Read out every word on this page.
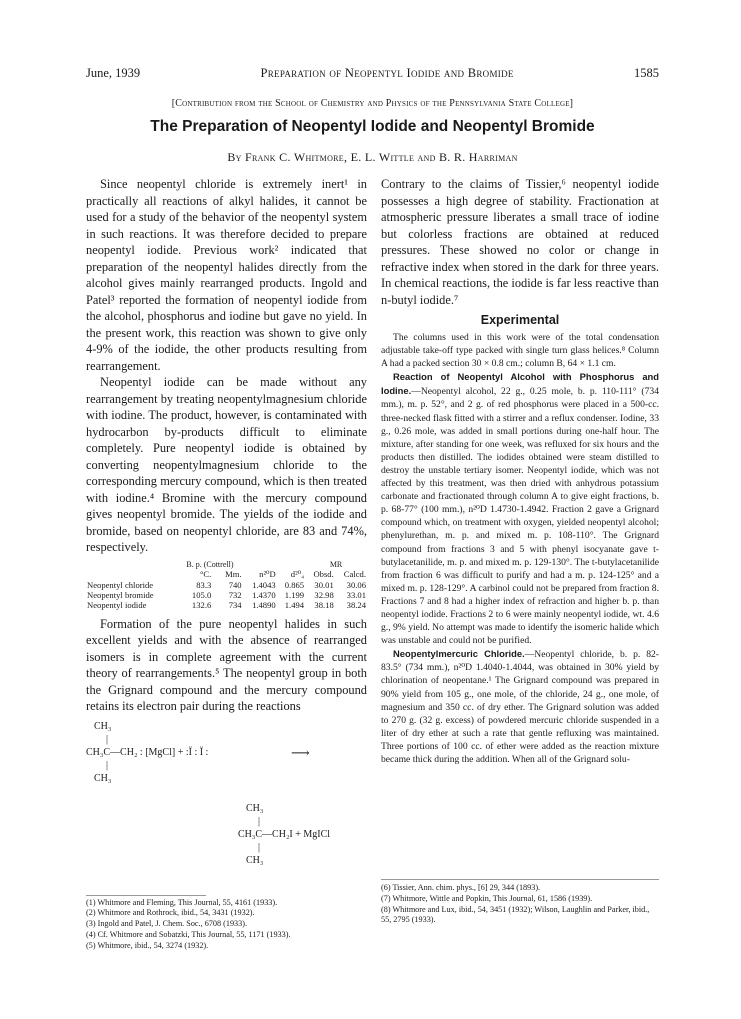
June, 1939	Preparation of Neopentyl Iodide and Bromide	1585
[Contribution from the School of Chemistry and Physics of the Pennsylvania State College]
The Preparation of Neopentyl Iodide and Neopentyl Bromide
By Frank C. Whitmore, E. L. Wittle and B. R. Harriman

Since neopentyl chloride is extremely inert¹ in practically all reactions of alkyl halides, it cannot be used for a study of the behavior of the neopentyl system in such reactions. It was therefore decided to prepare neopentyl iodide. Previous work² indicated that preparation of the neopentyl halides directly from the alcohol gives mainly rearranged products. Ingold and Patel³ reported the formation of neopentyl iodide from the alcohol, phosphorus and iodine but gave no yield. In the present work, this reaction was shown to give only 4-9% of the iodide, the other products resulting from rearrangement.

Neopentyl iodide can be made without any rearrangement by treating neopentylmagnesium chloride with iodine. The product, however, is contaminated with hydrocarbon by-products difficult to eliminate completely. Pure neopentyl iodide is obtained by converting neopentylmagnesium chloride to the corresponding mercury compound, which is then treated with iodine.⁴ Bromine with the mercury compound gives neopentyl bromide. The yields of the iodide and bromide, based on neopentyl chloride, are 83 and 74%, respectively.

	B. p. (Cottrell)				MR	
	°C.	Mm.	n²⁰D	d²⁰₄	Obsd.	Calcd.
Neopentyl chloride	83.3	740	1.4043	0.865	30.01	30.06
Neopentyl bromide	105.0	732	1.4370	1.199	32.98	33.01
Neopentyl iodide	132.6	734	1.4890	1.494	38.18	38.24

Formation of the pure neopentyl halides in such excellent yields and with the absence of rearranged isomers is in complete agreement with the current theory of rearrangements.⁵ The neopentyl group in both the Grignard compound and the mercury compound retains its electron pair during the reactions

CH₃
|
CH₃C—CH₂ : [MgCl] + :Ï : Ï :	⟶
|
CH₃
CH₃
|
CH₃C—CH₂I + MgICl
|
CH₃
(1) Whitmore and Fleming, This Journal, 55, 4161 (1933).
(2) Whitmore and Rothrock, ibid., 54, 3431 (1932).
(3) Ingold and Patel, J. Chem. Soc., 6708 (1933).
(4) Cf. Whitmore and Sobatzki, This Journal, 55, 1171 (1933).
(5) Whitmore, ibid., 54, 3274 (1932).

Contrary to the claims of Tissier,⁶ neopentyl iodide possesses a high degree of stability. Fractionation at atmospheric pressure liberates a small trace of iodine but colorless fractions are obtained at reduced pressures. These showed no color or change in refractive index when stored in the dark for three years. In chemical reactions, the iodide is far less reactive than n-butyl iodide.⁷

Experimental

The columns used in this work were of the total condensation adjustable take-off type packed with single turn glass helices.⁸ Column A had a packed section 30 × 0.8 cm.; column B, 64 × 1.1 cm.

Reaction of Neopentyl Alcohol with Phosphorus and Iodine.—Neopentyl alcohol, 22 g., 0.25 mole, b. p. 110-111° (734 mm.), m. p. 52°, and 2 g. of red phosphorus were placed in a 500-cc. three-necked flask fitted with a stirrer and a reflux condenser. Iodine, 33 g., 0.26 mole, was added in small portions during one-half hour. The mixture, after standing for one week, was refluxed for six hours and the products then distilled. The iodides obtained were steam distilled to destroy the unstable tertiary isomer. Neopentyl iodide, which was not affected by this treatment, was then dried with anhydrous potassium carbonate and fractionated through column A to give eight fractions, b. p. 68-77° (100 mm.), n²⁰D 1.4730-1.4942. Fraction 2 gave a Grignard compound which, on treatment with oxygen, yielded neopentyl alcohol; phenylurethan, m. p. and mixed m. p. 108-110°. The Grignard compound from fractions 3 and 5 with phenyl isocyanate gave t-butylacetanilide, m. p. and mixed m. p. 129-130°. The t-butylacetanilide from fraction 6 was difficult to purify and had a m. p. 124-125° and a mixed m. p. 128-129°. A carbinol could not be prepared from fraction 8. Fractions 7 and 8 had a higher index of refraction and higher b. p. than neopentyl iodide. Fractions 2 to 6 were mainly neopentyl iodide, wt. 4.6 g., 9% yield. No attempt was made to identify the isomeric halide which was unstable and could not be purified.

Neopentylmercuric Chloride.—Neopentyl chloride, b. p. 82-83.5° (734 mm.), n²⁰D 1.4040-1.4044, was obtained in 30% yield by chlorination of neopentane.¹ The Grignard compound was prepared in 90% yield from 105 g., one mole, of the chloride, 24 g., one mole, of magnesium and 350 cc. of dry ether. The Grignard solution was added to 270 g. (32 g. excess) of powdered mercuric chloride suspended in a liter of dry ether at such a rate that gentle refluxing was maintained. Three portions of 100 cc. of ether were added as the reaction mixture became thick during the addition. When all of the Grignard solu-

(6) Tissier, Ann. chim. phys., [6] 29, 344 (1893).
(7) Whitmore, Wittle and Popkin, This Journal, 61, 1586 (1939).
(8) Whitmore and Lux, ibid., 54, 3451 (1932); Wilson, Laughlin and Parker, ibid., 55, 2795 (1933).
